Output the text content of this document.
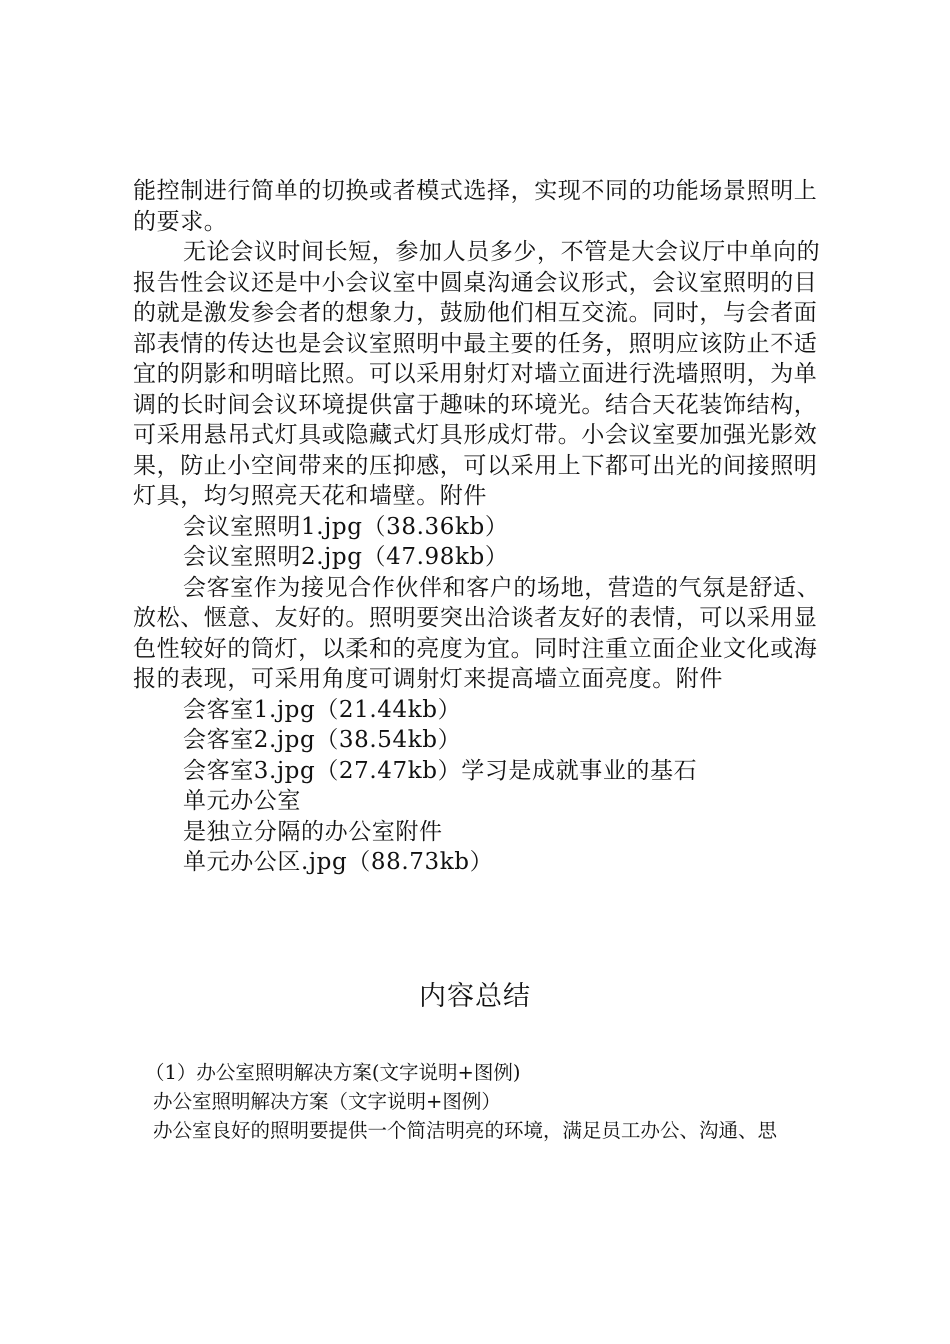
能控制进行简单的切换或者模式选择，实现不同的功能场景照明上的要求。

无论会议时间长短，参加人员多少，不管是大会议厅中单向的报告性会议还是中小会议室中圆桌沟通会议形式，会议室照明的目的就是激发参会者的想象力，鼓励他们相互交流。同时，与会者面部表情的传达也是会议室照明中最主要的任务，照明应该防止不适宜的阴影和明暗比照。可以采用射灯对墙立面进行洗墙照明，为单调的长时间会议环境提供富于趣味的环境光。结合天花装饰结构，可采用悬吊式灯具或隐藏式灯具形成灯带。小会议室要加强光影效果，防止小空间带来的压抑感，可以采用上下都可出光的间接照明灯具，均匀照亮天花和墙壁。附件

会议室照明1.jpg（38.36kb）

会议室照明2.jpg（47.98kb）

会客室作为接见合作伙伴和客户的场地，营造的气氛是舒适、放松、惬意、友好的。照明要突出洽谈者友好的表情，可以采用显色性较好的筒灯，以柔和的亮度为宜。同时注重立面企业文化或海报的表现，可采用角度可调射灯来提高墙立面亮度。附件

会客室1.jpg（21.44kb）

会客室2.jpg（38.54kb）

会客室3.jpg（27.47kb）学习是成就事业的基石

单元办公室

是独立分隔的办公室附件

单元办公区.jpg（88.73kb）

内容总结

（1）办公室照明解决方案(文字说明+图例)

办公室照明解决方案（文字说明+图例）

办公室良好的照明要提供一个简洁明亮的环境，满足员工办公、沟通、思
